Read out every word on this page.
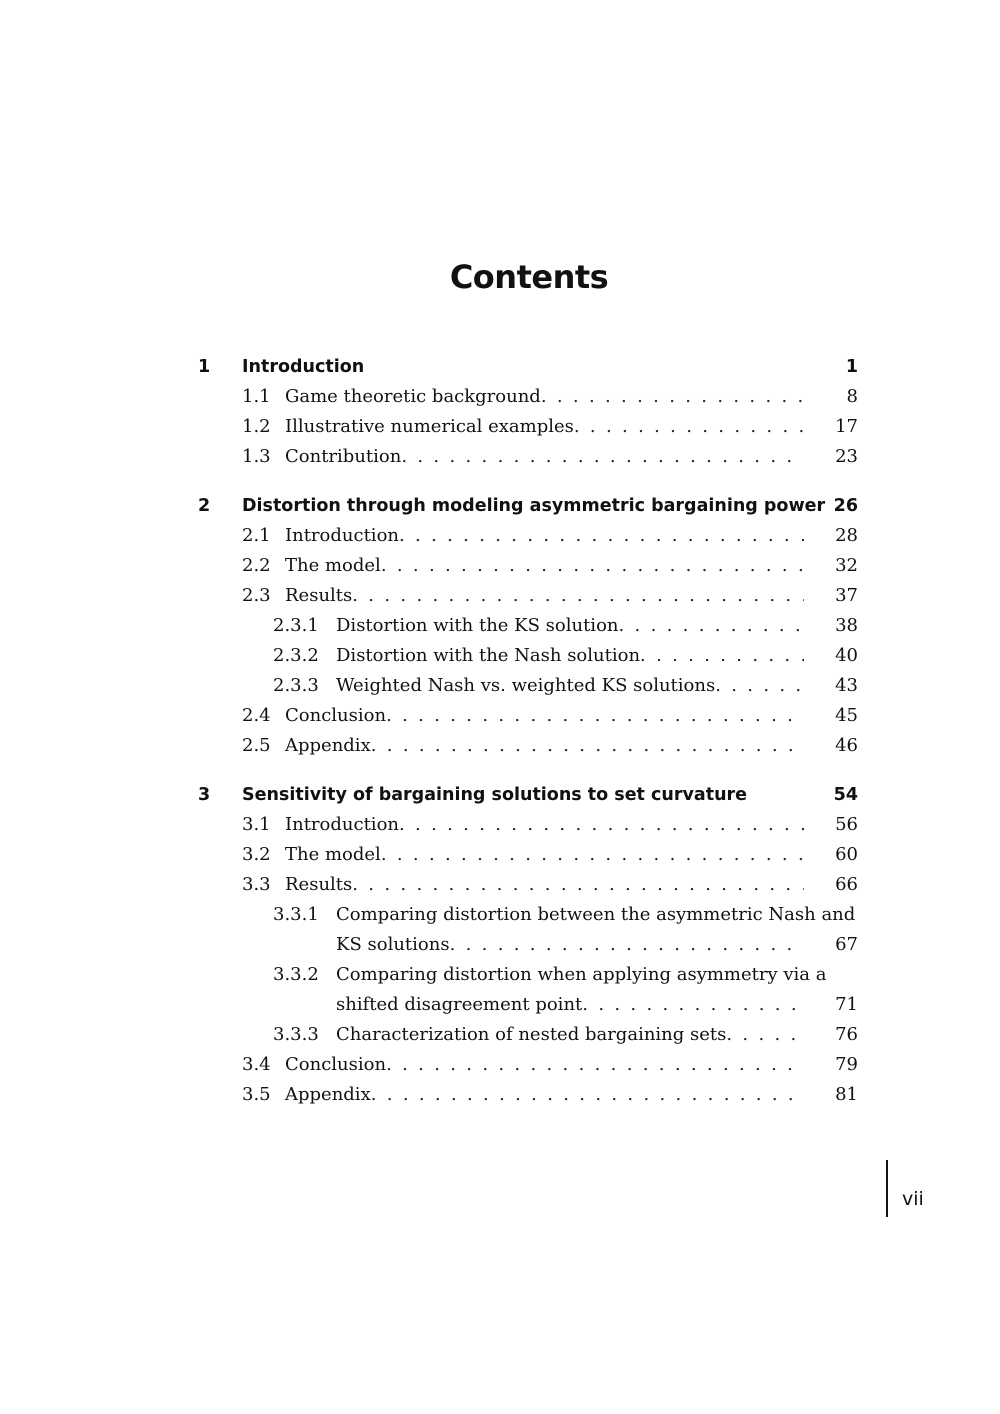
Contents
1 Introduction	1
1.1 Game theoretic background . . .	8
1.2 Illustrative numerical examples . . .	17
1.3 Contribution . . .	23
2 Distortion through modeling asymmetric bargaining power 26
2.1 Introduction . . .	28
2.2 The model . . .	32
2.3 Results . . .	37
2.3.1 Distortion with the KS solution . . .	38
2.3.2 Distortion with the Nash solution . . .	40
2.3.3 Weighted Nash vs. weighted KS solutions . . .	43
2.4 Conclusion . . .	45
2.5 Appendix . . .	46
3 Sensitivity of bargaining solutions to set curvature	54
3.1 Introduction . . .	56
3.2 The model . . .	60
3.3 Results . . .	66
3.3.1 Comparing distortion between the asymmetric Nash and
KS solutions . . .	67
3.3.2 Comparing distortion when applying asymmetry via a
shifted disagreement point . . .	71
3.3.3 Characterization of nested bargaining sets . . .	76
3.4 Conclusion . . .	79
3.5 Appendix . . .	81
vii
